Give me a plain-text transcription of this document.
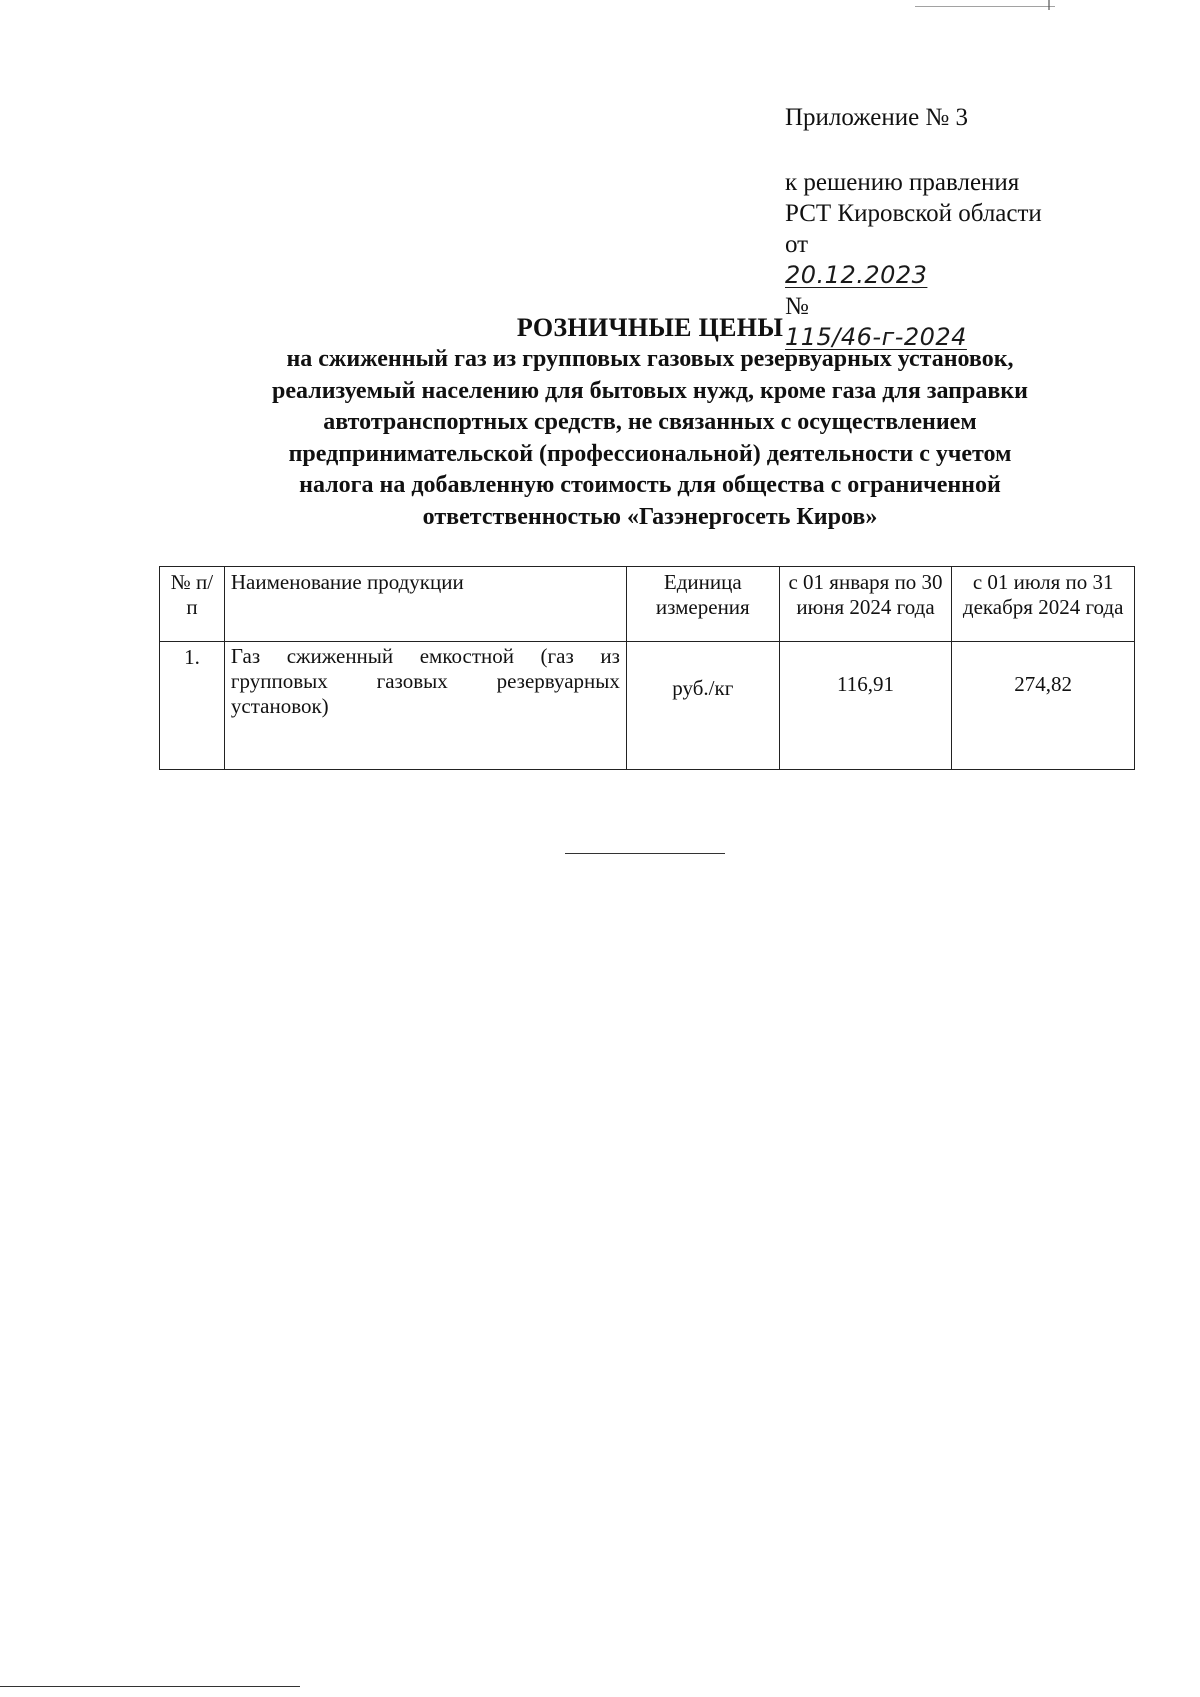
Приложение № 3
к решению правления
РСТ Кировской области
от
20.12.2023
№
115/46-г-2024
РОЗНИЧНЫЕ ЦЕНЫ
на сжиженный газ из групповых газовых резервуарных установок,
реализуемый населению для бытовых нужд, кроме газа для заправки
автотранспортных средств, не связанных с осуществлением
предпринимательской (профессиональной) деятельности с учетом
налога на добавленную стоимость для общества с ограниченной
ответственностью «Газэнергосеть Киров»
№ п/п	Наименование продукции	Единица измерения	с 01 января по 30 июня 2024 года	с 01 июля по 31 декабря 2024 года
1.	Газ сжиженный емкостной (газ из групповых газовых резервуарных установок)	руб./кг	116,91	274,82
